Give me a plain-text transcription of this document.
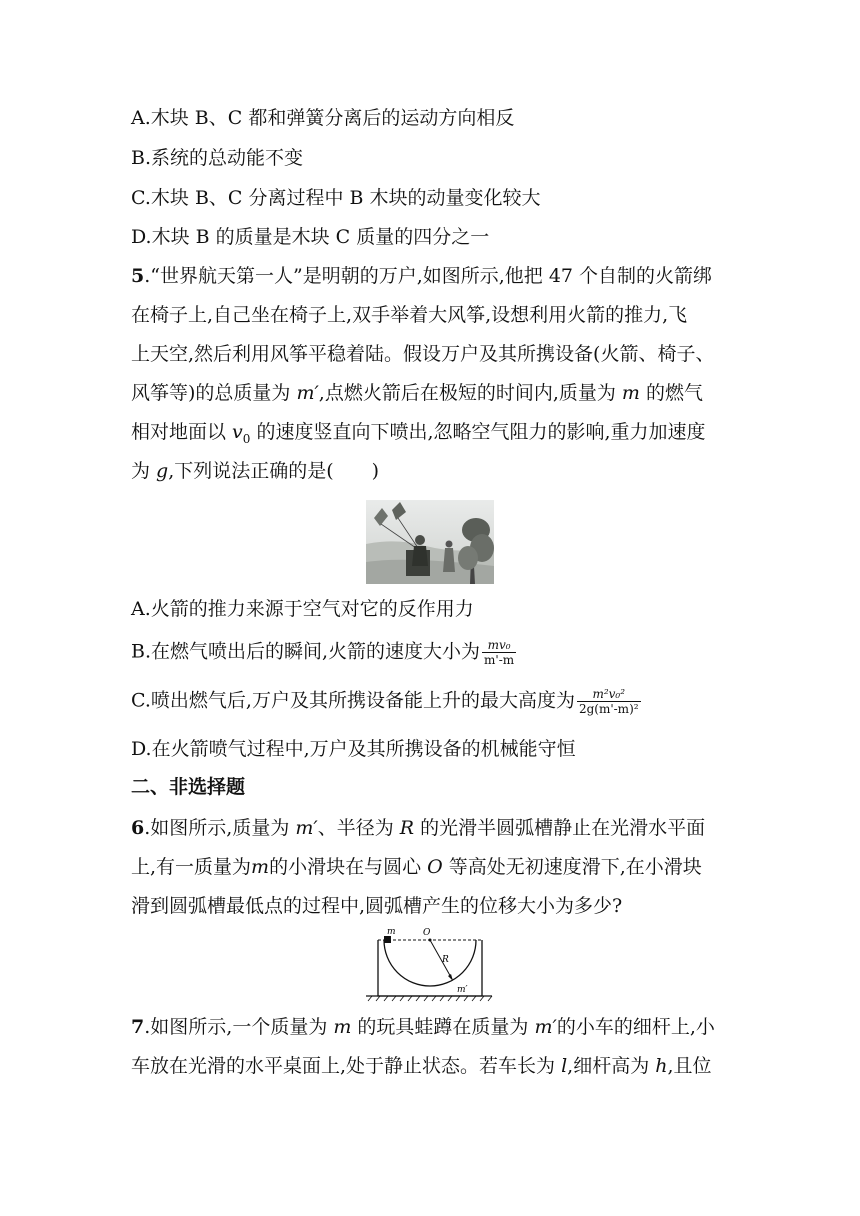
A.木块 B、C 都和弹簧分离后的运动方向相反
B.系统的总动能不变
C.木块 B、C 分离过程中 B 木块的动量变化较大
D.木块 B 的质量是木块 C 质量的四分之一
5.“世界航天第一人”是明朝的万户,如图所示,他把 47 个自制的火箭绑
在椅子上,自己坐在椅子上,双手举着大风筝,设想利用火箭的推力,飞
上天空,然后利用风筝平稳着陆。假设万户及其所携设备(火箭、椅子、
风筝等)的总质量为 m′,点燃火箭后在极短的时间内,质量为 m 的燃气
相对地面以 $v_0$ 的速度竖直向下喷出,忽略空气阻力的影响,重力加速度
为 g,下列说法正确的是(　　)
A.火箭的推力来源于空气对它的反作用力
B.在燃气喷出后的瞬间,火箭的速度大小为 $\frac{\text{mv₀}}{m'-m}$
C.喷出燃气后,万户及其所携设备能上升的最大高度为 $\frac{\text{m²v₀²}}{\text{2g(m'-m)²}}$
D.在火箭喷气过程中,万户及其所携设备的机械能守恒
二、非选择题
6.如图所示,质量为 m′、半径为 R 的光滑半圆弧槽静止在光滑水平面
上,有一质量为m的小滑块在与圆心 O 等高处无初速度滑下,在小滑块
滑到圆弧槽最低点的过程中,圆弧槽产生的位移大小为多少?
m	O
R
m′
7.如图所示,一个质量为 m 的玩具蛙蹲在质量为 m′的小车的细杆上,小
车放在光滑的水平桌面上,处于静止状态。若车长为 l,细杆高为 h,且位
